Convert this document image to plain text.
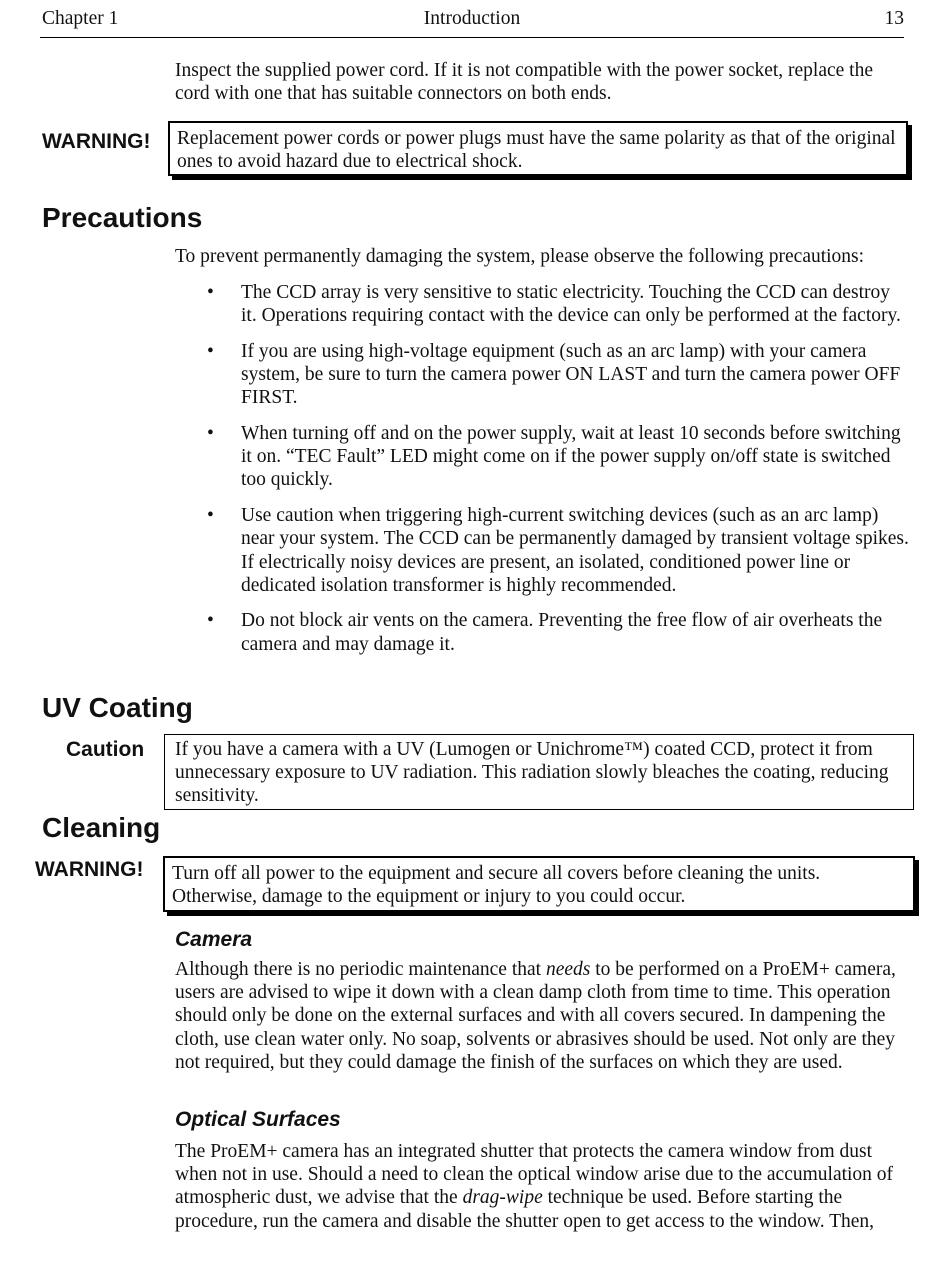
Chapter 1	Introduction	13

Inspect the supplied power cord. If it is not compatible with the power socket, replace the cord with one that has suitable connectors on both ends.

WARNING!	Replacement power cords or power plugs must have the same polarity as that of the original ones to avoid hazard due to electrical shock.
Precautions

To prevent permanently damaging the system, please observe the following precautions:

• The CCD array is very sensitive to static electricity. Touching the CCD can destroy it. Operations requiring contact with the device can only be performed at the factory.
• If you are using high-voltage equipment (such as an arc lamp) with your camera system, be sure to turn the camera power ON LAST and turn the camera power OFF FIRST.
• When turning off and on the power supply, wait at least 10 seconds before switching it on. “TEC Fault” LED might come on if the power supply on/off state is switched too quickly.
• Use caution when triggering high-current switching devices (such as an arc lamp) near your system. The CCD can be permanently damaged by transient voltage spikes. If electrically noisy devices are present, an isolated, conditioned power line or dedicated isolation transformer is highly recommended.
• Do not block air vents on the camera. Preventing the free flow of air overheats the camera and may damage it.
UV Coating
Caution	If you have a camera with a UV (Lumogen or Unichrome™) coated CCD, protect it from unnecessary exposure to UV radiation. This radiation slowly bleaches the coating, reducing sensitivity.
Cleaning
WARNING!	Turn off all power to the equipment and secure all covers before cleaning the units. Otherwise, damage to the equipment or injury to you could occur.
Camera

Although there is no periodic maintenance that needs to be performed on a ProEM+ camera, users are advised to wipe it down with a clean damp cloth from time to time. This operation should only be done on the external surfaces and with all covers secured. In dampening the cloth, use clean water only. No soap, solvents or abrasives should be used. Not only are they not required, but they could damage the finish of the surfaces on which they are used.

Optical Surfaces

The ProEM+ camera has an integrated shutter that protects the camera window from dust when not in use. Should a need to clean the optical window arise due to the accumulation of atmospheric dust, we advise that the drag-wipe technique be used. Before starting the procedure, run the camera and disable the shutter open to get access to the window. Then,
